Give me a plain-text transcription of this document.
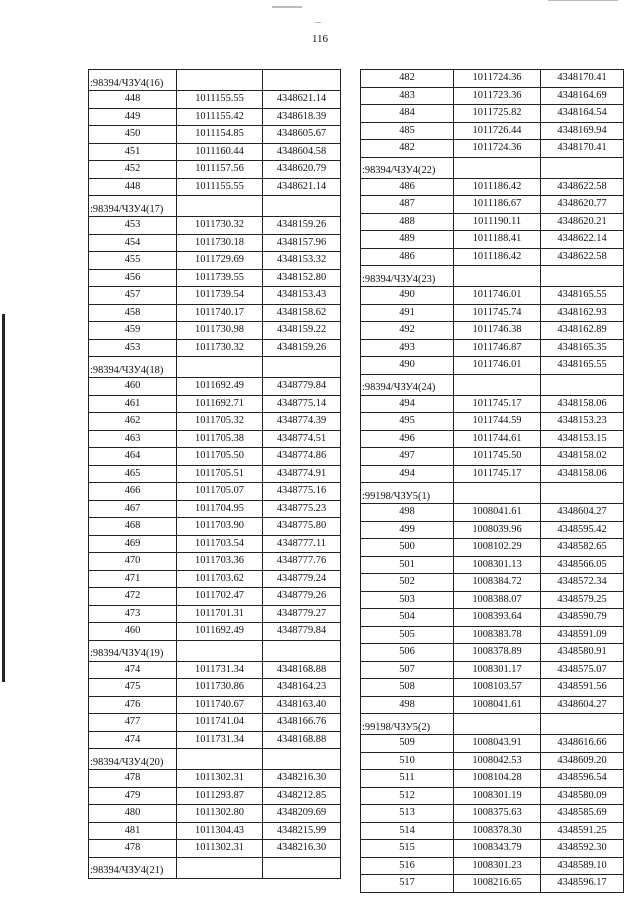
116
:98394/ЧЗУ4(16)		
448	1011155.55	4348621.14
449	1011155.42	4348618.39
450	1011154.85	4348605.67
451	1011160.44	4348604.58
452	1011157.56	4348620.79
448	1011155.55	4348621.14
:98394/ЧЗУ4(17)		
453	1011730.32	4348159.26
454	1011730.18	4348157.96
455	1011729.69	4348153.32
456	1011739.55	4348152.80
457	1011739.54	4348153.43
458	1011740.17	4348158.62
459	1011730.98	4348159.22
453	1011730.32	4348159.26
:98394/ЧЗУ4(18)		
460	1011692.49	4348779.84
461	1011692.71	4348775.14
462	1011705.32	4348774.39
463	1011705.38	4348774.51
464	1011705.50	4348774.86
465	1011705.51	4348774.91
466	1011705.07	4348775.16
467	1011704.95	4348775.23
468	1011703.90	4348775.80
469	1011703.54	4348777.11
470	1011703.36	4348777.76
471	1011703.62	4348779.24
472	1011702.47	4348779.26
473	1011701.31	4348779.27
460	1011692.49	4348779.84
:98394/ЧЗУ4(19)		
474	1011731.34	4348168.88
475	1011730.86	4348164.23
476	1011740.67	4348163.40
477	1011741.04	4348166.76
474	1011731.34	4348168.88
:98394/ЧЗУ4(20)		
478	1011302.31	4348216.30
479	1011293.87	4348212.85
480	1011302.80	4348209.69
481	1011304.43	4348215.99
478	1011302.31	4348216.30
:98394/ЧЗУ4(21)		
482	1011724.36	4348170.41
483	1011723.36	4348164.69
484	1011725.82	4348164.54
485	1011726.44	4348169.94
482	1011724.36	4348170.41
:98394/ЧЗУ4(22)		
486	1011186.42	4348622.58
487	1011186.67	4348620.77
488	1011190.11	4348620.21
489	1011188.41	4348622.14
486	1011186.42	4348622.58
:98394/ЧЗУ4(23)		
490	1011746.01	4348165.55
491	1011745.74	4348162.93
492	1011746.38	4348162.89
493	1011746.87	4348165.35
490	1011746.01	4348165.55
:98394/ЧЗУ4(24)		
494	1011745.17	4348158.06
495	1011744.59	4348153.23
496	1011744.61	4348153.15
497	1011745.50	4348158.02
494	1011745.17	4348158.06
:99198/ЧЗУ5(1)		
498	1008041.61	4348604.27
499	1008039.96	4348595.42
500	1008102.29	4348582.65
501	1008301.13	4348566.05
502	1008384.72	4348572.34
503	1008388.07	4348579.25
504	1008393.64	4348590.79
505	1008383.78	4348591.09
506	1008378.89	4348580.91
507	1008301.17	4348575.07
508	1008103.57	4348591.56
498	1008041.61	4348604.27
:99198/ЧЗУ5(2)		
509	1008043.91	4348616.66
510	1008042.53	4348609.20
511	1008104.28	4348596.54
512	1008301.19	4348580.09
513	1008375.63	4348585.69
514	1008378.30	4348591.25
515	1008343.79	4348592.30
516	1008301.23	4348589.10
517	1008216.65	4348596.17
